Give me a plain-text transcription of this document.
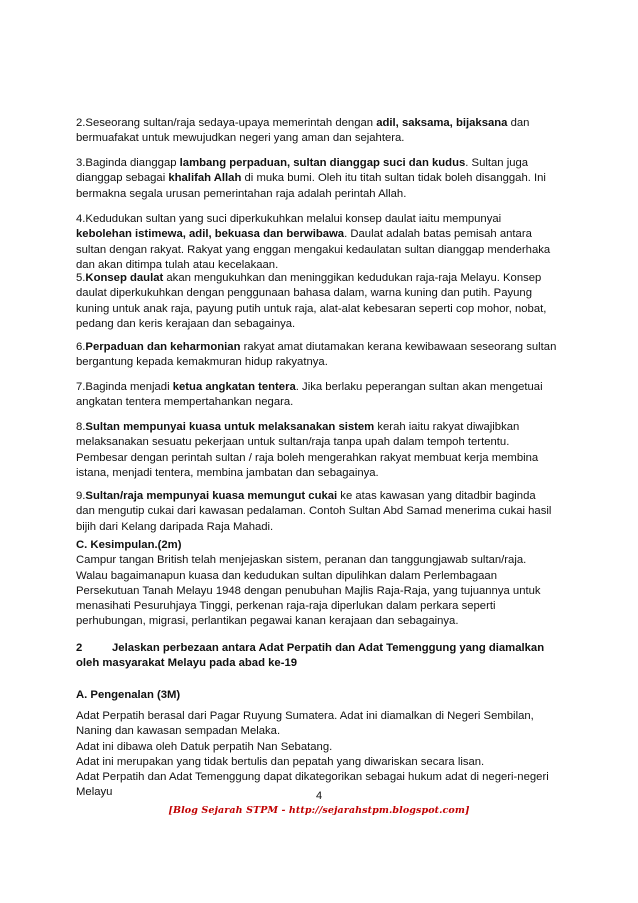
2.Seseorang sultan/raja sedaya-upaya memerintah dengan adil, saksama, bijaksana dan
bermuafakat untuk mewujudkan negeri yang aman dan sejahtera.
3.Baginda dianggap lambang perpaduan, sultan dianggap suci dan kudus. Sultan juga
dianggap sebagai khalifah Allah di muka bumi. Oleh itu titah sultan tidak boleh disanggah. Ini
bermakna segala urusan pemerintahan raja adalah perintah Allah.
4.Kedudukan sultan yang suci diperkukuhkan melalui konsep daulat iaitu mempunyai
kebolehan istimewa, adil, bekuasa dan berwibawa. Daulat adalah batas pemisah antara
sultan dengan rakyat. Rakyat yang enggan mengakui kedaulatan sultan dianggap menderhaka
dan akan ditimpa tulah atau kecelakaan.
5.Konsep daulat akan mengukuhkan dan meninggikan kedudukan raja-raja Melayu. Konsep
daulat diperkukuhkan dengan penggunaan bahasa dalam, warna kuning dan putih. Payung
kuning untuk anak raja, payung putih untuk raja, alat-alat kebesaran seperti cop mohor, nobat,
pedang dan keris kerajaan dan sebagainya.
6.Perpaduan dan keharmonian rakyat amat diutamakan kerana kewibawaan seseorang sultan
bergantung kepada kemakmuran hidup rakyatnya.
7.Baginda menjadi ketua angkatan tentera. Jika berlaku peperangan sultan akan mengetuai
angkatan tentera mempertahankan negara.
8.Sultan mempunyai kuasa untuk melaksanakan sistem kerah iaitu rakyat diwajibkan
melaksanakan sesuatu pekerjaan untuk sultan/raja tanpa upah dalam tempoh tertentu.
Pembesar dengan perintah sultan / raja boleh mengerahkan rakyat membuat kerja membina
istana, menjadi tentera, membina jambatan dan sebagainya.
9.Sultan/raja mempunyai kuasa memungut cukai ke atas kawasan yang ditadbir baginda
dan mengutip cukai dari kawasan pedalaman. Contoh Sultan Abd Samad menerima cukai hasil
bijih dari Kelang daripada Raja Mahadi.
C. Kesimpulan.(2m)
Campur tangan British telah menjejaskan sistem, peranan dan tanggungjawab sultan/raja.
Walau bagaimanapun kuasa dan kedudukan sultan dipulihkan dalam Perlembagaan
Persekutuan Tanah Melayu 1948 dengan penubuhan Majlis Raja-Raja, yang tujuannya untuk
menasihati Pesuruhjaya Tinggi, perkenan raja-raja diperlukan dalam perkara seperti
perhubungan, migrasi, perlantikan pegawai kanan kerajaan dan sebagainya.
2	Jelaskan perbezaan antara Adat Perpatih dan Adat Temenggung yang diamalkan
oleh masyarakat Melayu pada abad ke-19
A. Pengenalan (3M)
Adat Perpatih berasal dari Pagar Ruyung Sumatera. Adat ini diamalkan di Negeri Sembilan,
Naning dan kawasan sempadan Melaka.
Adat ini dibawa oleh Datuk perpatih Nan Sebatang.
Adat ini merupakan yang tidak bertulis dan pepatah yang diwariskan secara lisan.
Adat Perpatih dan Adat Temenggung dapat dikategorikan sebagai hukum adat di negeri-negeri
Melayu	4
[Blog Sejarah STPM - http://sejarahstpm.blogspot.com]
